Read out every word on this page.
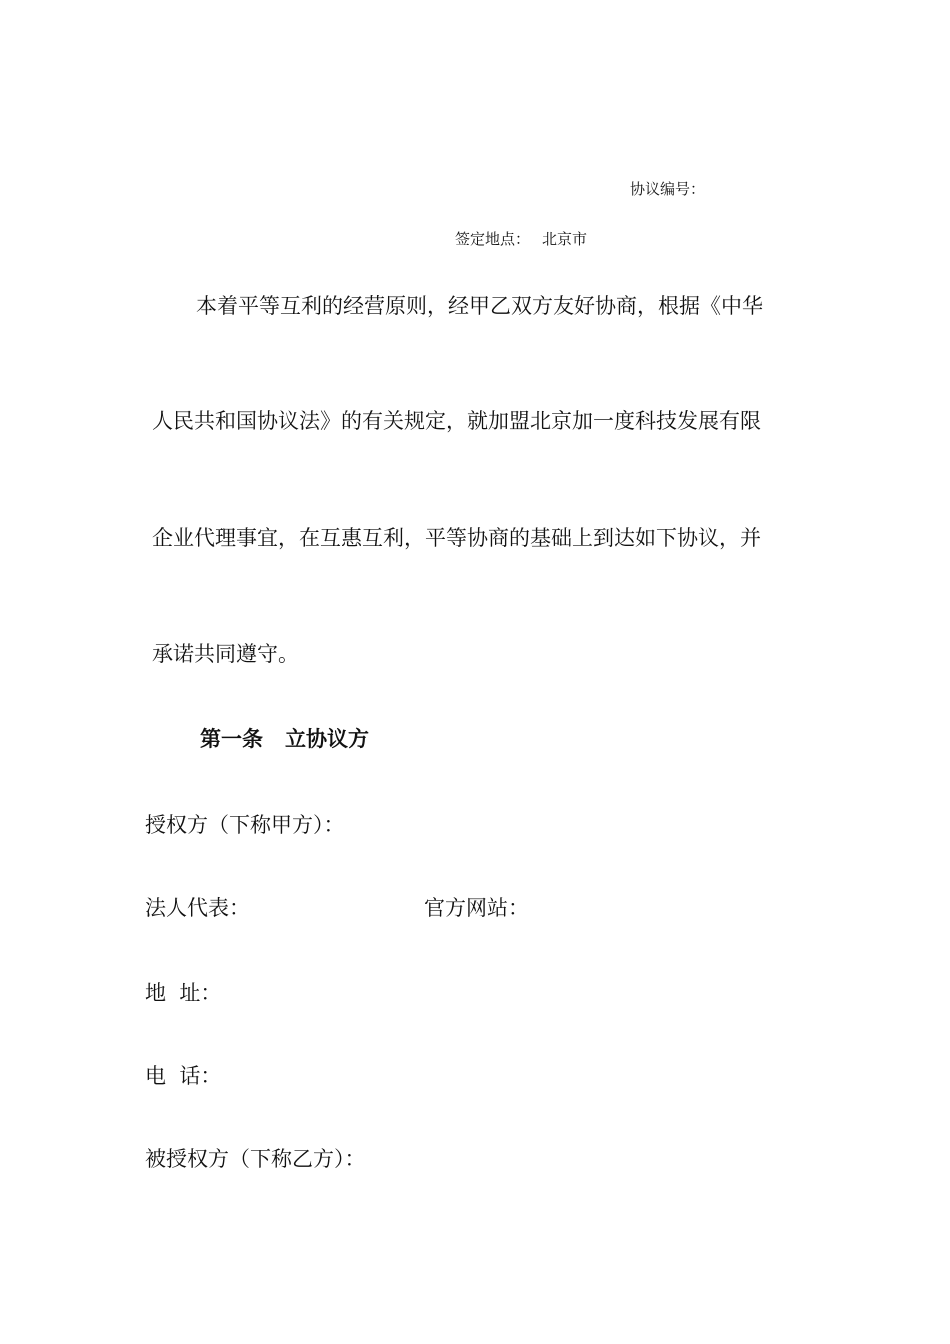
协议编号：
签定地点： 北京市
本着平等互利的经营原则，经甲乙双方友好协商，根据《中华
人民共和国协议法》的有关规定，就加盟北京加一度科技发展有限
企业代理事宜，在互惠互利，平等协商的基础上到达如下协议，并
承诺共同遵守。
第一条 立协议方
授权方（下称甲方）：
法人代表：	官方网站：
地  址：
电  话：
被授权方（下称乙方）：
